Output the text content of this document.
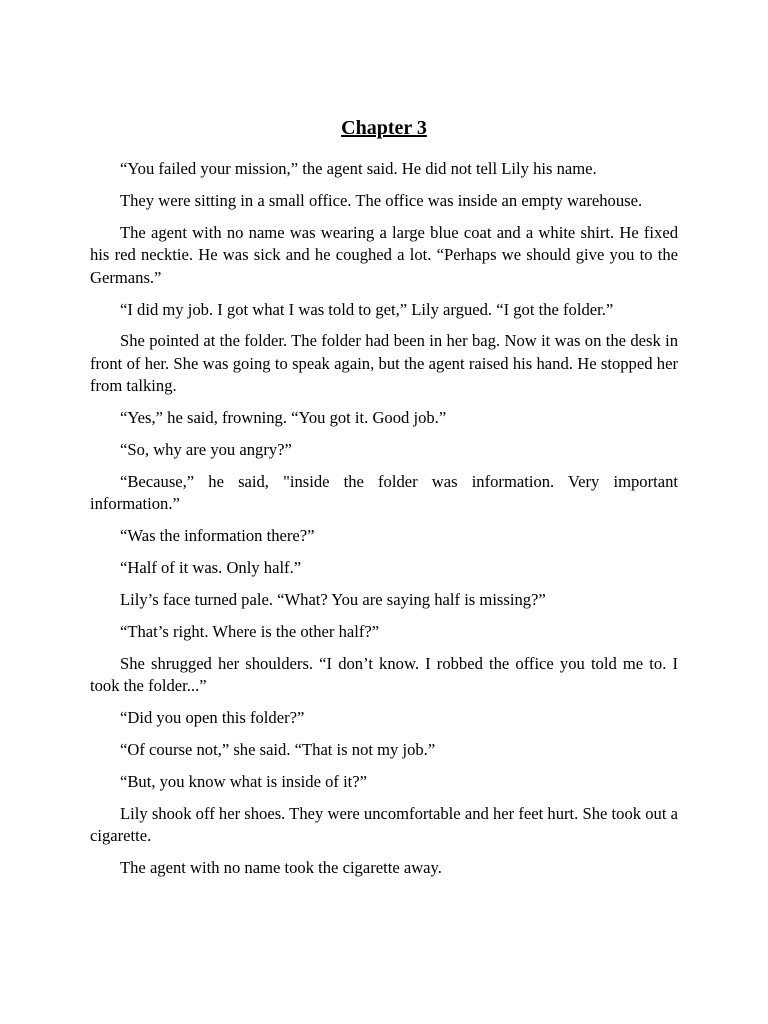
Chapter 3

“You failed your mission,” the agent said. He did not tell Lily his name.

They were sitting in a small office. The office was inside an empty warehouse.

The agent with no name was wearing a large blue coat and a white shirt. He fixed his red necktie. He was sick and he coughed a lot. “Perhaps we should give you to the Germans.”

“I did my job. I got what I was told to get,” Lily argued. “I got the folder.”

She pointed at the folder. The folder had been in her bag. Now it was on the desk in front of her. She was going to speak again, but the agent raised his hand. He stopped her from talking.

“Yes,” he said, frowning. “You got it. Good job.”

“So, why are you angry?”

“Because,” he said, "inside the folder was information. Very important information.”

“Was the information there?”

“Half of it was. Only half.”

Lily’s face turned pale. “What? You are saying half is missing?”

“That’s right. Where is the other half?”

She shrugged her shoulders. “I don’t know. I robbed the office you told me to. I took the folder...”

“Did you open this folder?”

“Of course not,” she said. “That is not my job.”

“But, you know what is inside of it?”

Lily shook off her shoes. They were uncomfortable and her feet hurt. She took out a cigarette.

The agent with no name took the cigarette away.
